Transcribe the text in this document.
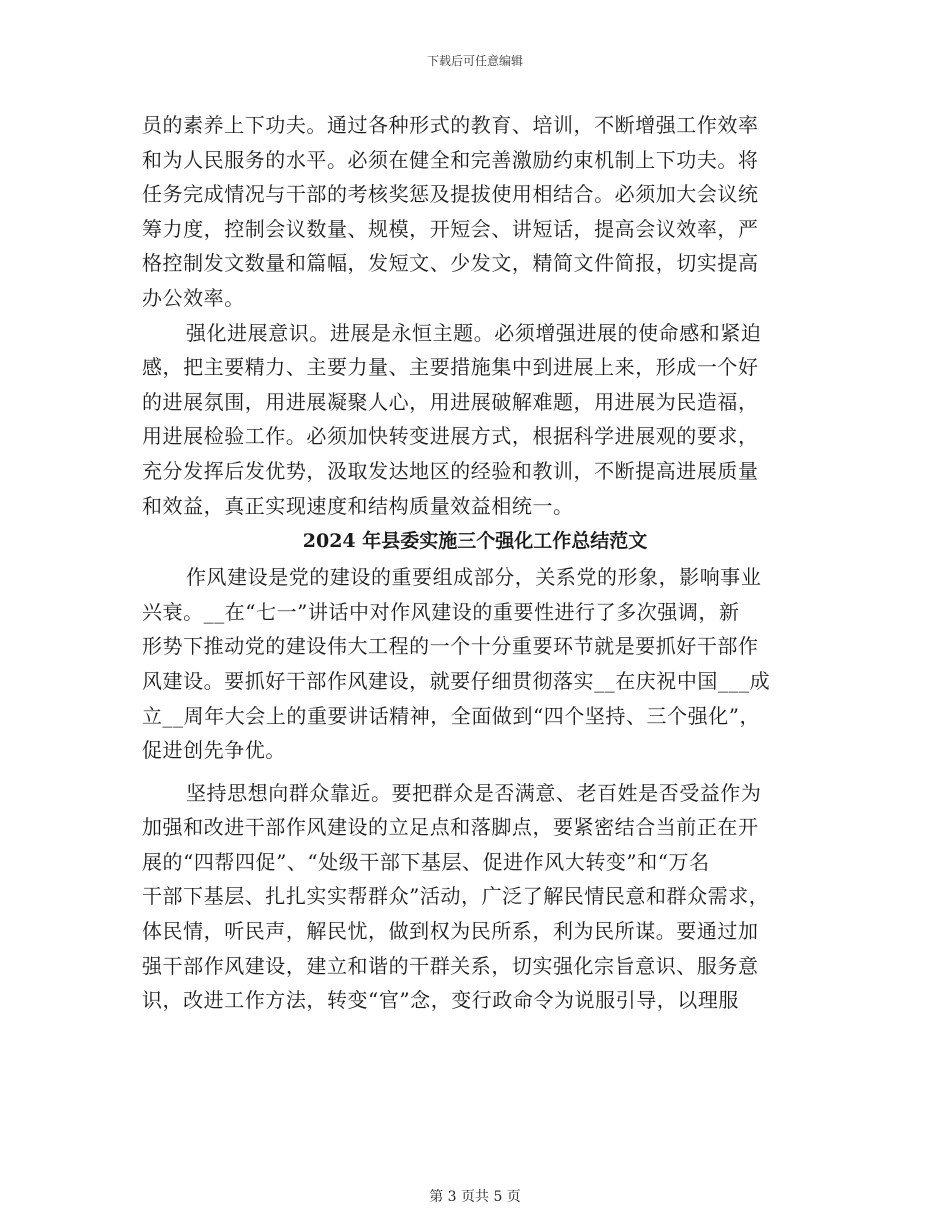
下载后可任意编辑
员的素养上下功夫。通过各种形式的教育、培训，不断增强工作效率
和为人民服务的水平。必须在健全和完善激励约束机制上下功夫。将
任务完成情况与干部的考核奖惩及提拔使用相结合。必须加大会议统
筹力度，控制会议数量、规模，开短会、讲短话，提高会议效率，严
格控制发文数量和篇幅，发短文、少发文，精简文件简报，切实提高
办公效率。
强化进展意识。进展是永恒主题。必须增强进展的使命感和紧迫
感，把主要精力、主要力量、主要措施集中到进展上来，形成一个好
的进展氛围，用进展凝聚人心，用进展破解难题，用进展为民造福，
用进展检验工作。必须加快转变进展方式，根据科学进展观的要求，
充分发挥后发优势，汲取发达地区的经验和教训，不断提高进展质量
和效益，真正实现速度和结构质量效益相统一。
2024 年县委实施三个强化工作总结范文
作风建设是党的建设的重要组成部分，关系党的形象，影响事业
兴衰。__在“七一”讲话中对作风建设的重要性进行了多次强调，新
形势下推动党的建设伟大工程的一个十分重要环节就是要抓好干部作
风建设。要抓好干部作风建设，就要仔细贯彻落实__在庆祝中国___成
立__周年大会上的重要讲话精神，全面做到“四个坚持、三个强化”，
促进创先争优。
坚持思想向群众靠近。要把群众是否满意、老百姓是否受益作为
加强和改进干部作风建设的立足点和落脚点，要紧密结合当前正在开
展的“四帮四促”、“处级干部下基层、促进作风大转变”和“万名
干部下基层、扎扎实实帮群众”活动，广泛了解民情民意和群众需求，
体民情，听民声，解民忧，做到权为民所系，利为民所谋。要通过加
强干部作风建设，建立和谐的干群关系，切实强化宗旨意识、服务意
识，改进工作方法，转变“官”念，变行政命令为说服引导，以理服
第 3 页共 5 页
